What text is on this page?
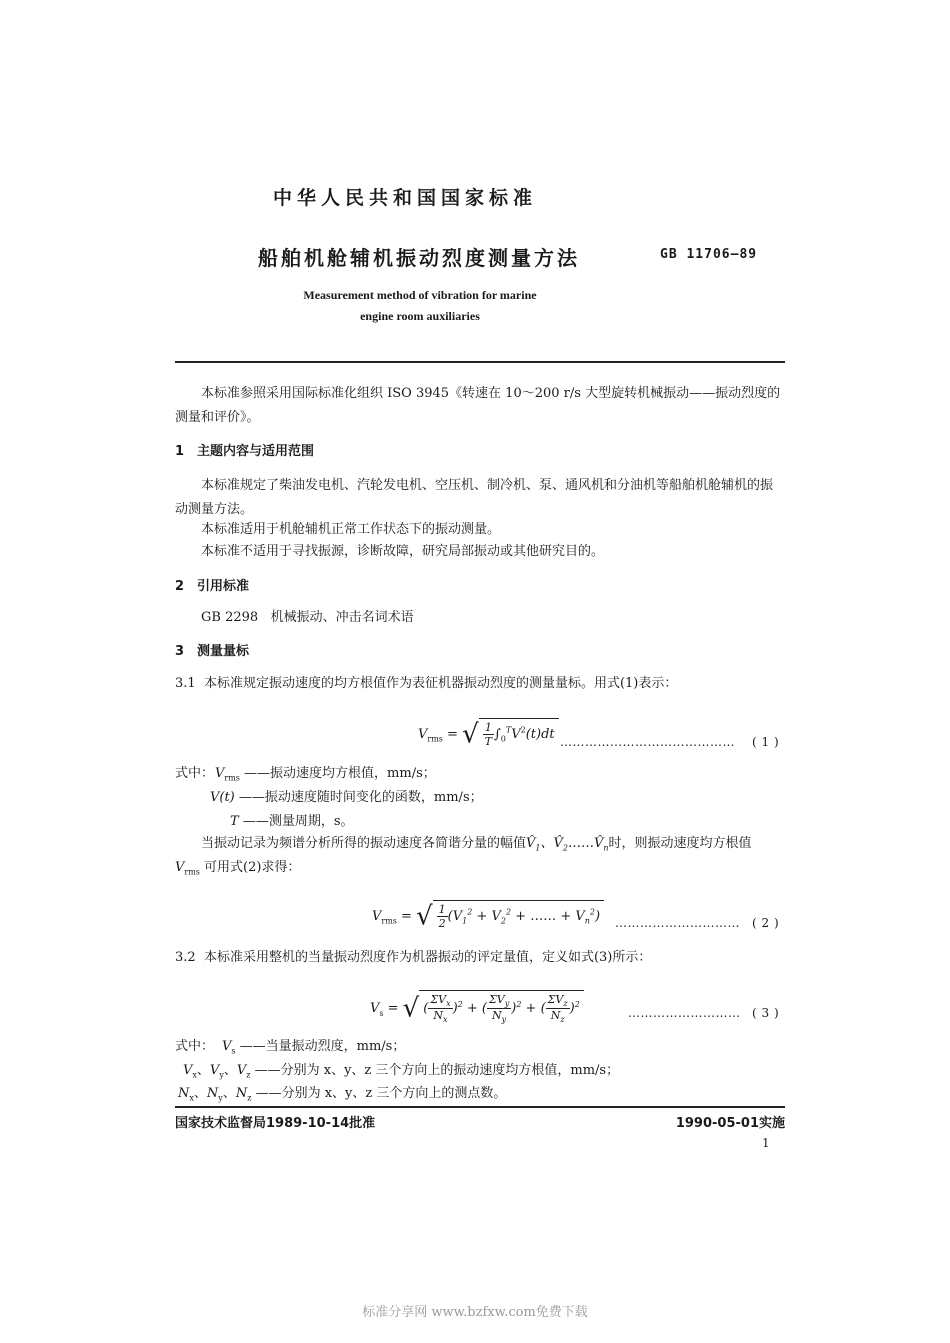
中华人民共和国国家标准
船舶机舱辅机振动烈度测量方法	GB 11706—89
Measurement method of vibration for marine
engine room auxiliaries
本标准参照采用国际标准化组织 ISO 3945《转速在 10～200 r/s 大型旋转机械振动——振动烈度的
测量和评价》。
1 主题内容与适用范围
本标准规定了柴油发电机、汽轮发电机、空压机、制冷机、泵、通风机和分油机等船舶机舱辅机的振
动测量方法。
本标准适用于机舱辅机正常工作状态下的振动测量。
本标准不适用于寻找振源，诊断故障，研究局部振动或其他研究目的。
2 引用标准
GB 2298 机械振动、冲击名词术语
3 测量量标
3.1 本标准规定振动速度的均方根值作为表征机器振动烈度的测量量标。用式(1)表示：
$V_{rms}$ = √ $\frac{1}{T} \int_0^TV^2(t)dt$ …………………………………… ( 1 )
式中： $V_{rms}$ ——振动速度均方根值，mm/s；
V(t) ——振动速度随时间变化的函数，mm/s；
T ——测量周期，s。
当振动记录为频谱分析所得的振动速度各简谐分量的幅值$V̂_1$、$V̂_2\dots\dots V̂_n$时，则振动速度均方根值
$V_{rms}$ 可用式(2)求得：
$V_{rms}$ = √ $\frac{1}{2} (V_1^2 + V_2^2$ + …… + $V_n^2$)	………………………… ( 2 )
3.2 本标准采用整机的当量振动烈度作为机器振动的评定量值，定义如式(3)所示：
$V_s$ = √ ( $\frac{\Sigma V_x}{N_x} )^2$ + ( $\frac{\Sigma V_y}{N_y} )^2$ + ( $\frac{\Sigma V_z}{N_z} )^2$
……………………… ( 3 )
式中： $V_s$ ——当量振动烈度，mm/s；
$V_x$、$V_y$、$V_z$ ——分别为 x、y、z 三个方向上的振动速度均方根值，mm/s；
$N_x$、$N_y$、$N_z$ ——分别为 x、y、z 三个方向上的测点数。
国家技术监督局1989-10-14批准	1990-05-01实施
1
标准分享网 www.bzfxw.com免费下载
